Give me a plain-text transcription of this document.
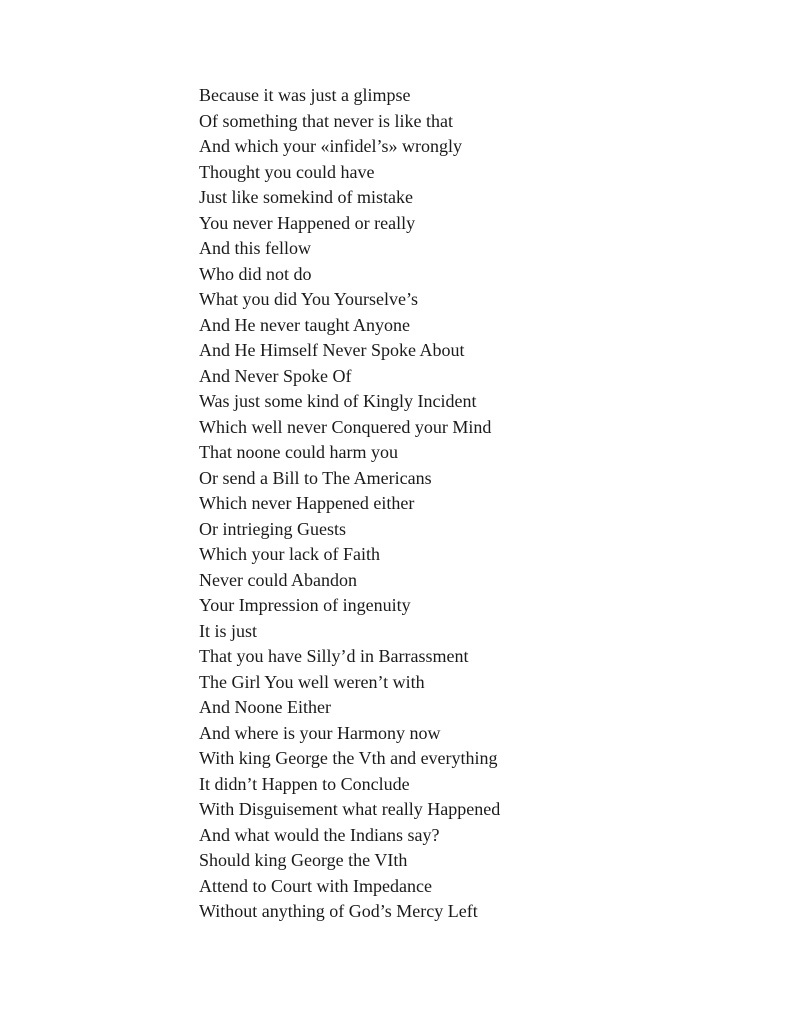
Because it was just a glimpse
Of something that never is like that
And which your «infidel’s» wrongly
Thought you could have
Just like somekind of mistake
You never Happened or really
And this fellow
Who did not do
What you did You Yourselve’s
And He never taught Anyone
And He Himself Never Spoke About
And Never Spoke Of
Was just some kind of Kingly Incident
Which well never Conquered your Mind
That noone could harm you
Or send a Bill to The Americans
Which never Happened either
Or intrieging Guests
Which your lack of Faith
Never could Abandon
Your Impression of ingenuity
It is just
That you have Silly’d in Barrassment
The Girl You well weren’t with
And Noone Either
And where is your Harmony now
With king George the Vth and everything
It didn’t Happen to Conclude
With Disguisement what really Happened
And what would the Indians say?
Should king George the VIth
Attend to Court with Impedance
Without anything of God’s Mercy Left
